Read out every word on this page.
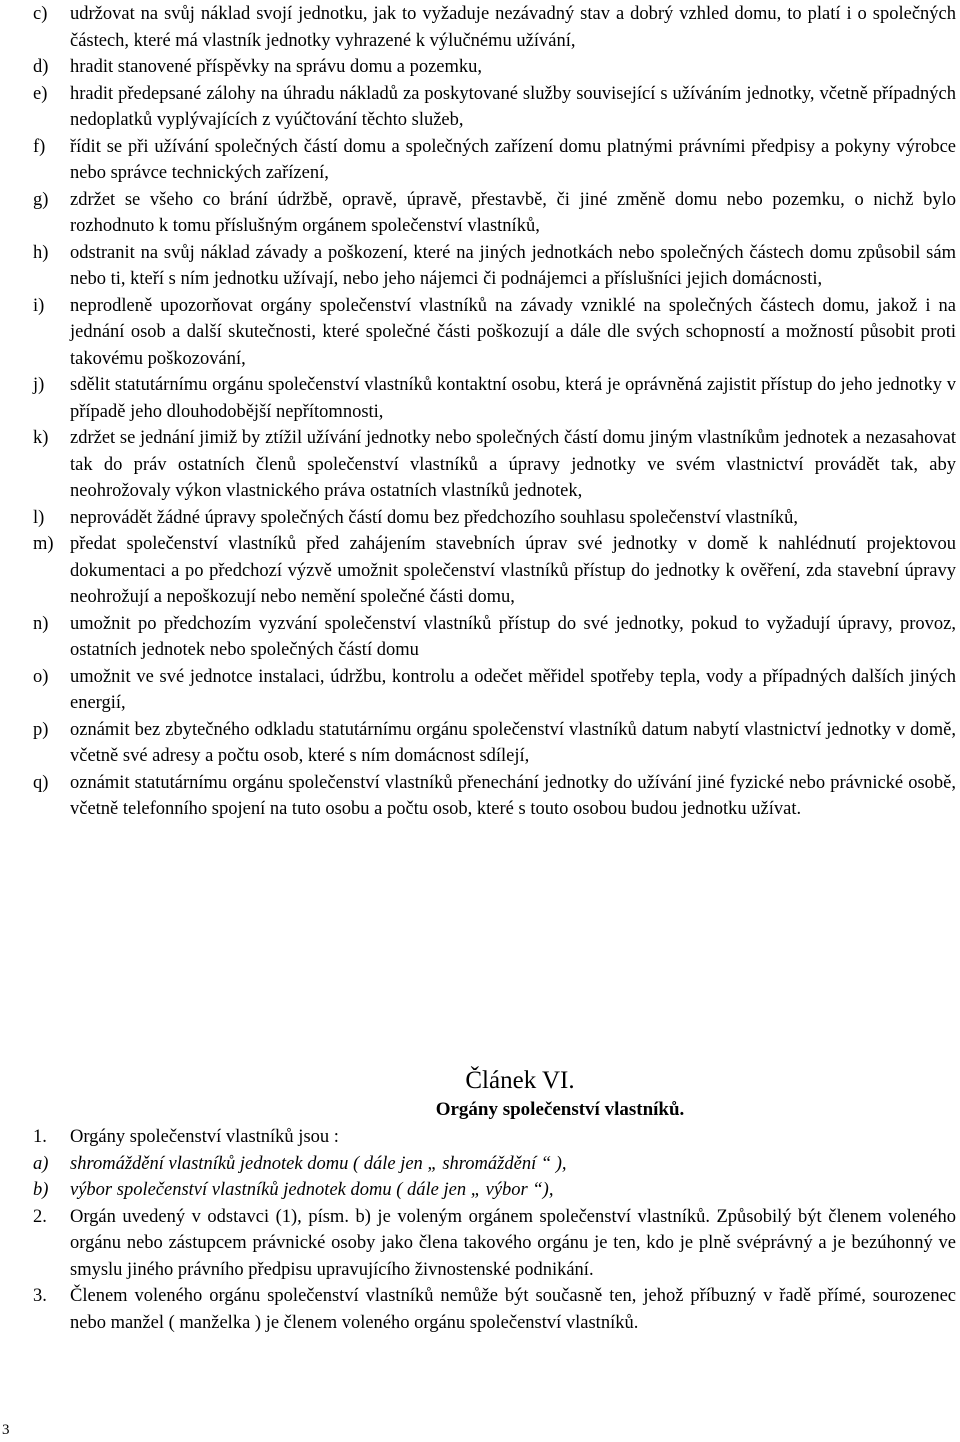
c) udržovat na svůj náklad svojí jednotku, jak to vyžaduje nezávadný stav a dobrý vzhled domu, to platí i o společných částech, které má vlastník jednotky vyhrazené k výlučnému užívání,
d) hradit stanovené příspěvky na správu domu a pozemku,
e) hradit předepsané zálohy na úhradu nákladů za poskytované služby související s užíváním jednotky, včetně případných nedoplatků vyplývajících z vyúčtování těchto služeb,
f) řídit se při užívání společných částí domu a společných zařízení domu platnými právními předpisy a pokyny výrobce nebo správce technických zařízení,
g) zdržet se všeho co brání údržbě, opravě, úpravě, přestavbě, či jiné změně domu nebo pozemku, o nichž bylo rozhodnuto k tomu příslušným orgánem společenství vlastníků,
h) odstranit na svůj náklad závady a poškození, které na jiných jednotkách nebo společných částech domu způsobil sám nebo ti, kteří s ním jednotku užívají, nebo jeho nájemci či podnájemci a příslušníci jejich domácnosti,
i) neprodleně upozorňovat orgány společenství vlastníků na závady vzniklé na společných částech domu, jakož i na jednání osob a další skutečnosti, které společné části poškozují a dále dle svých schopností a možností působit proti takovému poškozování,
j) sdělit statutárnímu orgánu společenství vlastníků kontaktní osobu, která je oprávněná zajistit přístup do jeho jednotky v případě jeho dlouhodobější nepřítomnosti,
k) zdržet se jednání jimiž by ztížil užívání jednotky nebo společných částí domu jiným vlastníkům jednotek a nezasahovat tak do práv ostatních členů společenství vlastníků a úpravy jednotky ve svém vlastnictví provádět tak, aby neohrožovaly výkon vlastnického práva ostatních vlastníků jednotek,
l) neprovádět žádné úpravy společných částí domu bez předchozího souhlasu společenství vlastníků,
m) předat společenství vlastníků před zahájením stavebních úprav své jednotky v domě k nahlédnutí projektovou dokumentaci a po předchozí výzvě umožnit společenství vlastníků přístup do jednotky k ověření, zda stavební úpravy neohrožují a nepoškozují nebo nemění společné části domu,
n) umožnit po předchozím vyzvání společenství vlastníků přístup do své jednotky, pokud to vyžadují úpravy, provoz, ostatních jednotek nebo společných částí domu
o) umožnit ve své jednotce instalaci, údržbu, kontrolu a odečet měřidel spotřeby tepla, vody a případných dalších jiných energií,
p) oznámit bez zbytečného odkladu statutárnímu orgánu společenství vlastníků datum nabytí vlastnictví jednotky v domě, včetně své adresy a počtu osob, které s ním domácnost sdílejí,
q) oznámit statutárnímu orgánu společenství vlastníků přenechání jednotky do užívání jiné fyzické nebo právnické osobě, včetně telefonního spojení na tuto osobu a počtu osob, které s touto osobou budou jednotku užívat.
Článek VI.
Orgány společenství vlastníků.
1. Orgány společenství vlastníků jsou :
a) shromáždění vlastníků jednotek domu ( dále jen „ shromáždění “ ),
b) výbor společenství vlastníků jednotek domu ( dále jen „ výbor “),
2. Orgán uvedený v odstavci (1), písm. b) je voleným orgánem společenství vlastníků. Způsobilý být členem voleného orgánu nebo zástupcem právnické osoby jako člena takového orgánu je ten, kdo je plně svéprávný a je bezúhonný ve smyslu jiného právního předpisu upravujícího živnostenské podnikání.
3. Členem voleného orgánu společenství vlastníků nemůže být současně ten, jehož příbuzný v řadě přímé, sourozenec nebo manžel ( manželka ) je členem voleného orgánu společenství vlastníků.
3
